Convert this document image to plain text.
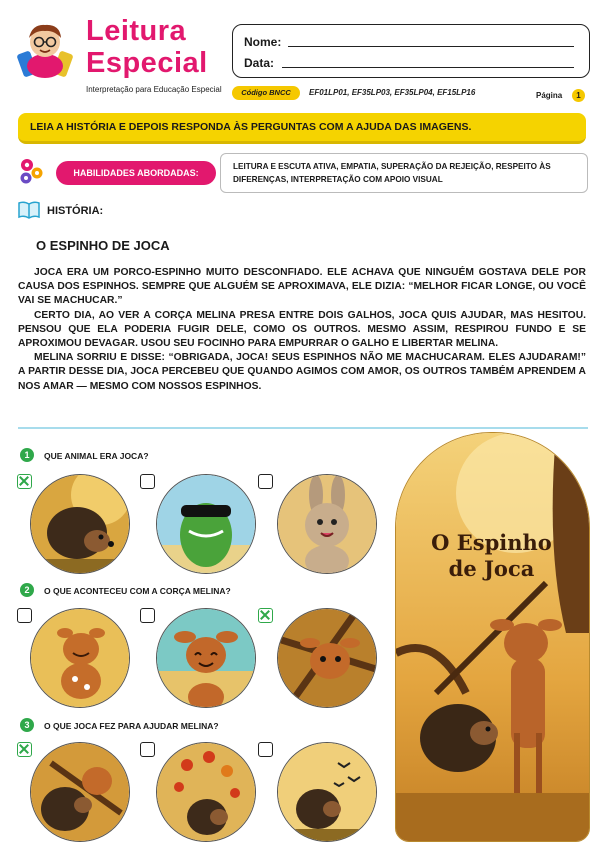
Leitura
Especial
Interpretação para Educação Especial
Nome:
Data:
Código BNCC	EF01LP01, EF35LP03, EF35LP04, EF15LP16	Página	1
LEIA A HISTÓRIA E DEPOIS RESPONDA ÀS PERGUNTAS COM A AJUDA DAS IMAGENS.
HABILIDADES ABORDADAS:
LEITURA E ESCUTA ATIVA, EMPATIA, SUPERAÇÃO DA REJEIÇÃO, RESPEITO ÀS DIFERENÇAS, INTERPRETAÇÃO COM APOIO VISUAL
HISTÓRIA:
O ESPINHO DE JOCA

JOCA ERA UM PORCO-ESPINHO MUITO DESCONFIADO. ELE ACHAVA QUE NINGUÉM GOSTAVA DELE POR CAUSA DOS ESPINHOS. SEMPRE QUE ALGUÉM SE APROXIMAVA, ELE DIZIA: “MELHOR FICAR LONGE, OU VOCÊ VAI SE MACHUCAR.”

CERTO DIA, AO VER A CORÇA MELINA PRESA ENTRE DOIS GALHOS, JOCA QUIS AJUDAR, MAS HESITOU. PENSOU QUE ELA PODERIA FUGIR DELE, COMO OS OUTROS. MESMO ASSIM, RESPIROU FUNDO E SE APROXIMOU DEVAGAR. USOU SEU FOCINHO PARA EMPURRAR O GALHO E LIBERTAR MELINA.

MELINA SORRIU E DISSE: “OBRIGADA, JOCA! SEUS ESPINHOS NÃO ME MACHUCARAM. ELES AJUDARAM!” A PARTIR DESSE DIA, JOCA PERCEBEU QUE QUANDO AGIMOS COM AMOR, OS OUTROS TAMBÉM APRENDEM A NOS AMAR — MESMO COM NOSSOS ESPINHOS.

1	QUE ANIMAL ERA JOCA?
2	O QUE ACONTECEU COM A CORÇA MELINA?
3	O QUE JOCA FEZ PARA AJUDAR MELINA?
O Espinho
de Joca
